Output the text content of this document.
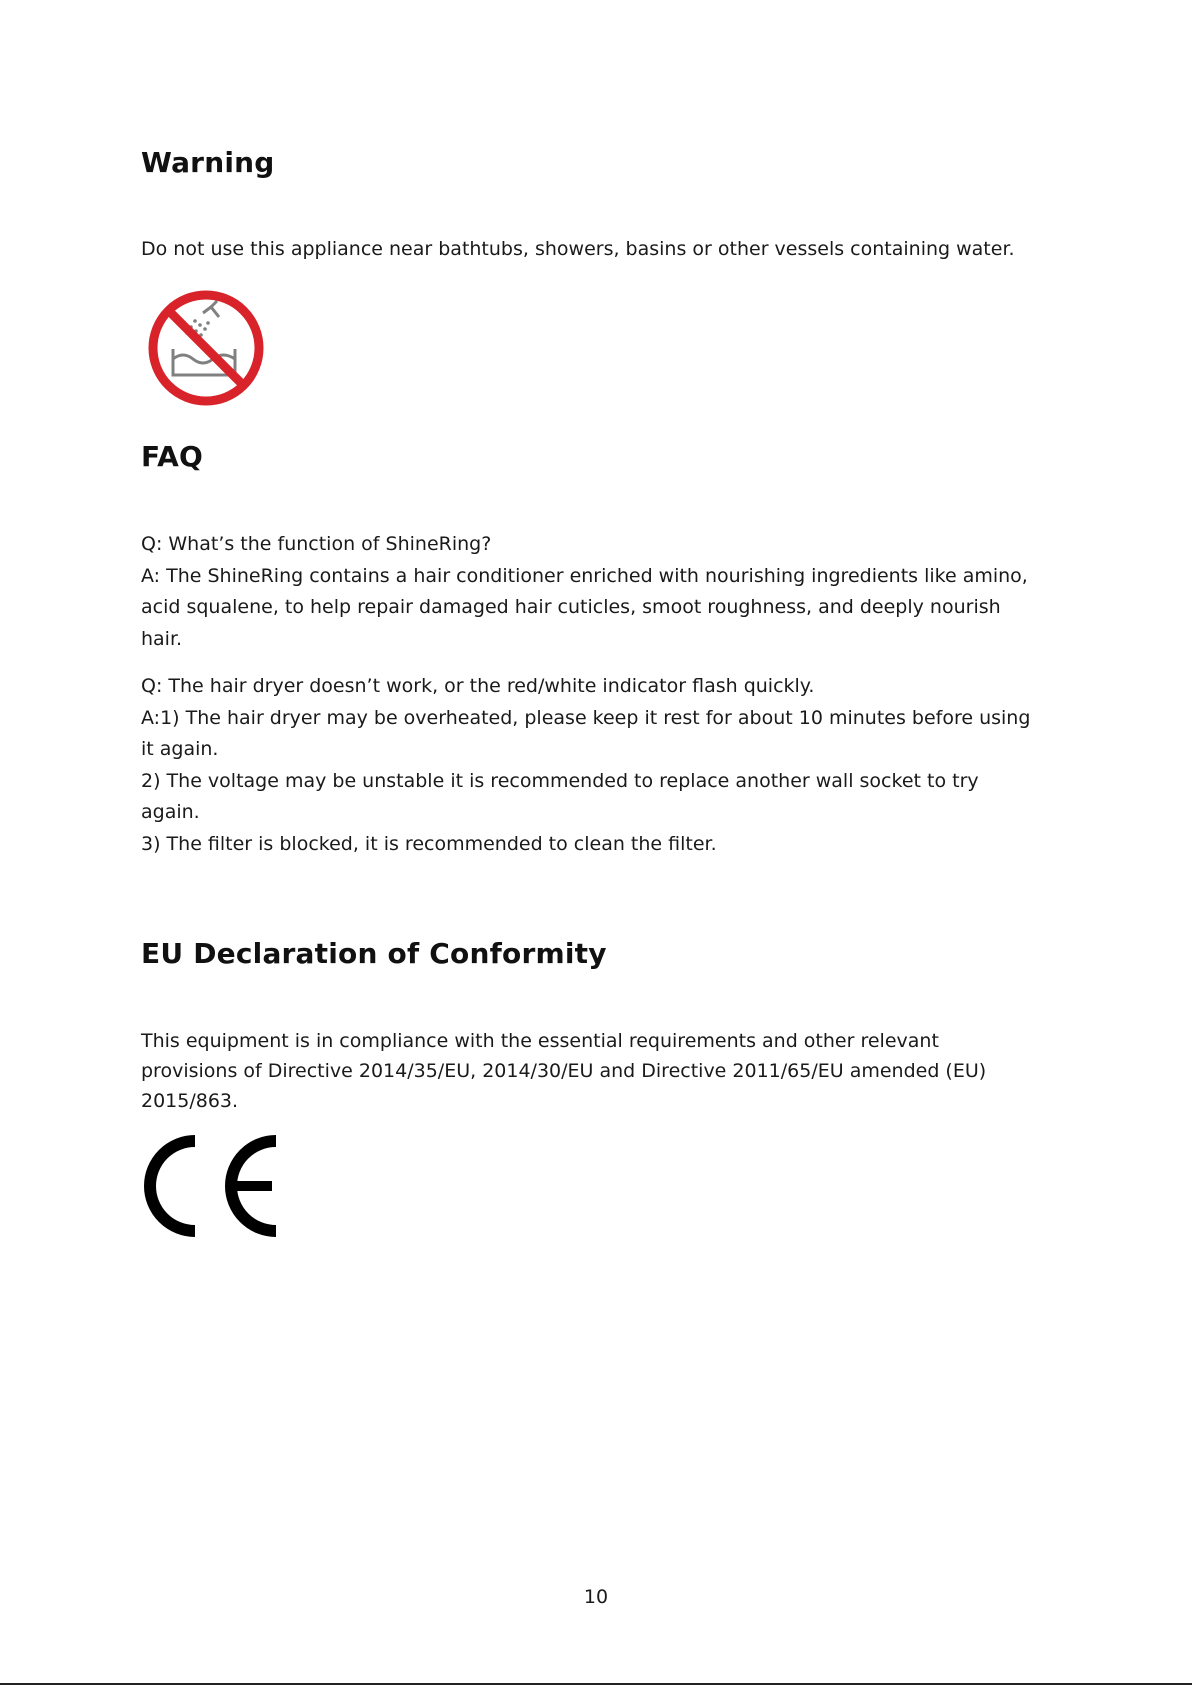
Warning

Do not use this appliance near bathtubs, showers, basins or other vessels containing water.

FAQ
Q: What’s the function of ShineRing?
A: The ShineRing contains a hair conditioner enriched with nourishing ingredients like amino,
acid squalene, to help repair damaged hair cuticles, smoot roughness, and deeply nourish
hair.
Q: The hair dryer doesn’t work, or the red/white indicator flash quickly.
A:1) The hair dryer may be overheated, please keep it rest for about 10 minutes before using
it again.
2) The voltage may be unstable it is recommended to replace another wall socket to try
again.
3) The filter is blocked, it is recommended to clean the filter.
EU Declaration of Conformity
This equipment is in compliance with the essential requirements and other relevant
provisions of Directive 2014/35/EU, 2014/30/EU and Directive 2011/65/EU amended (EU)
2015/863.
10
